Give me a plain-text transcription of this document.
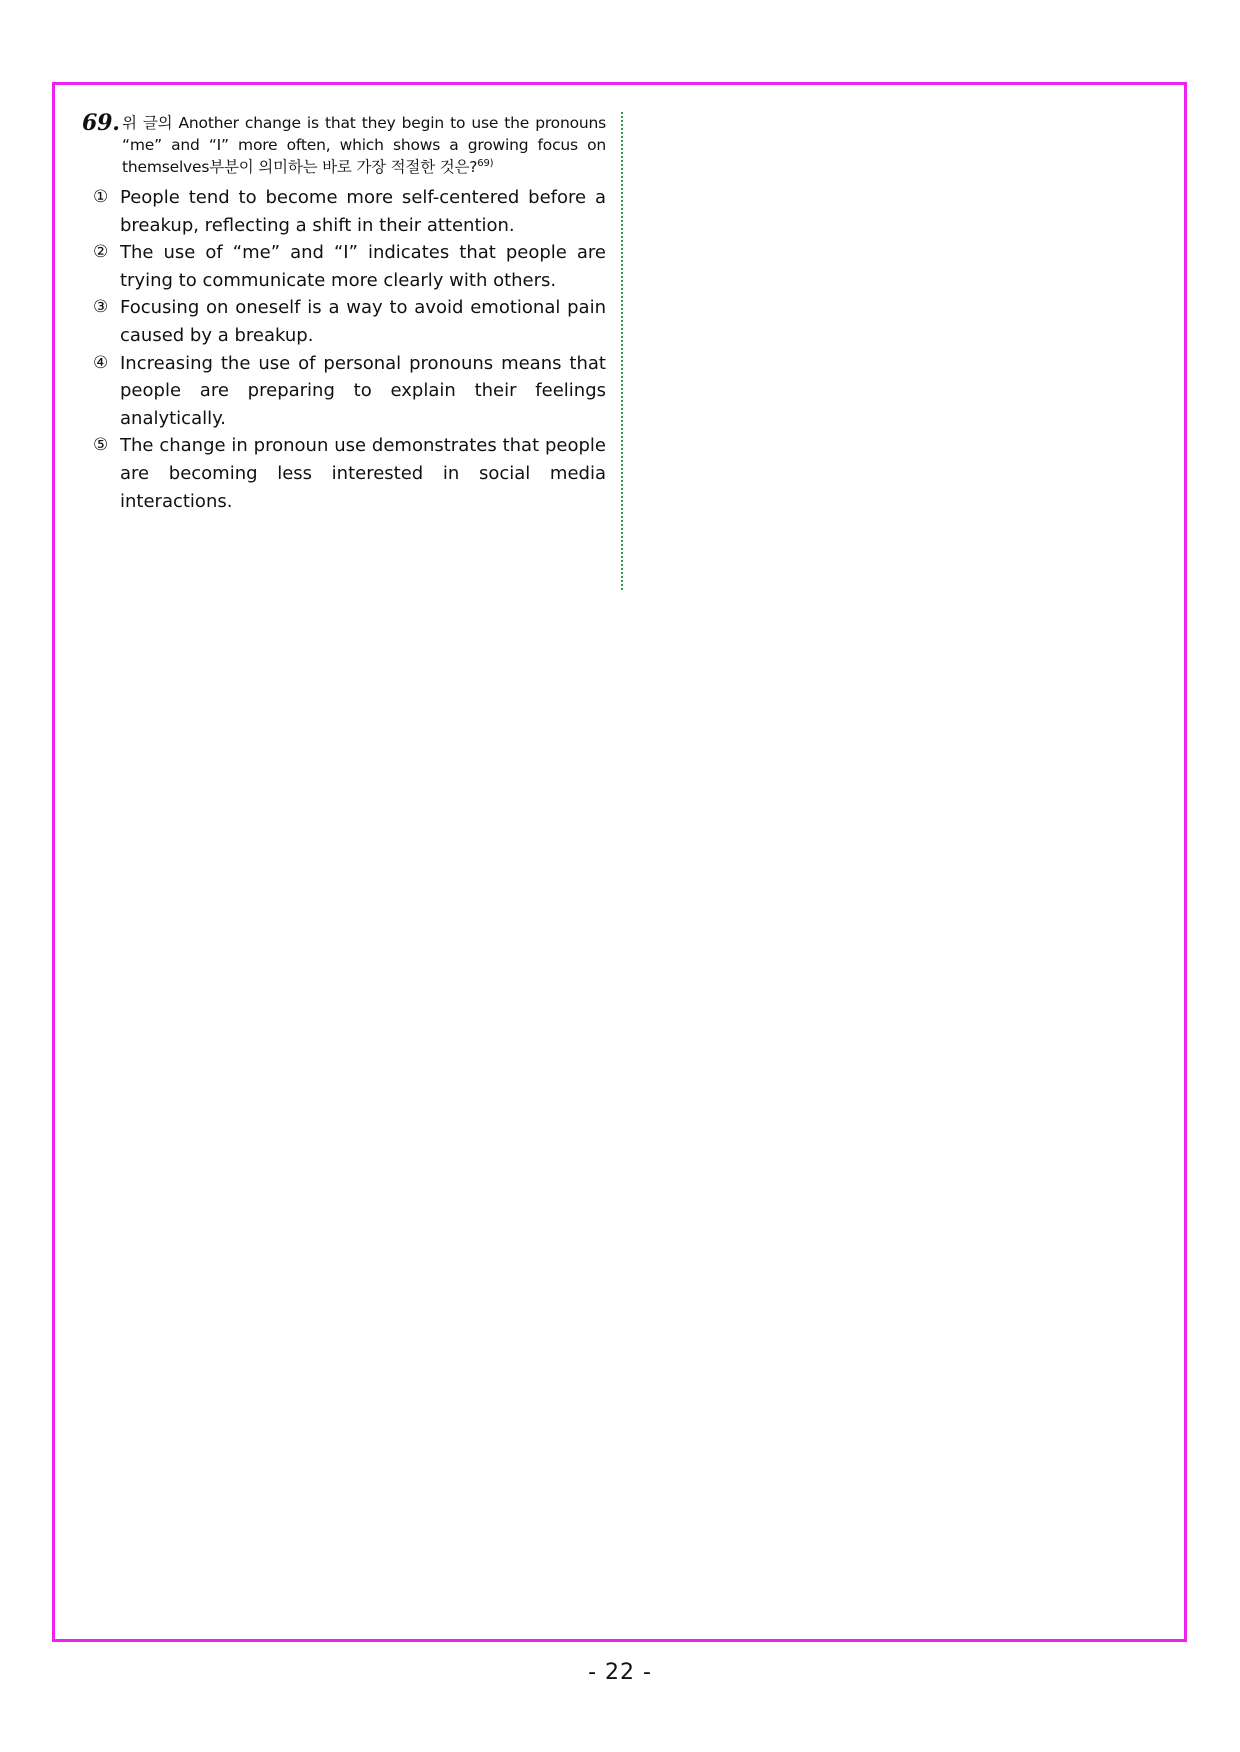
69. 위 글의 Another change is that they begin to use the pronouns “me” and “I” more often, which shows a growing focus on themselves부분이 의미하는 바로 가장 적절한 것은?$^{69)}$
① People tend to become more self-centered before a breakup, reflecting a shift in their attention.
② The use of “me” and “I” indicates that people are trying to communicate more clearly with others.
③ Focusing on oneself is a way to avoid emotional pain caused by a breakup.
④ Increasing the use of personal pronouns means that people are preparing to explain their feelings analytically.
⑤ The change in pronoun use demonstrates that people are becoming less interested in social media interactions.
- 22 -
